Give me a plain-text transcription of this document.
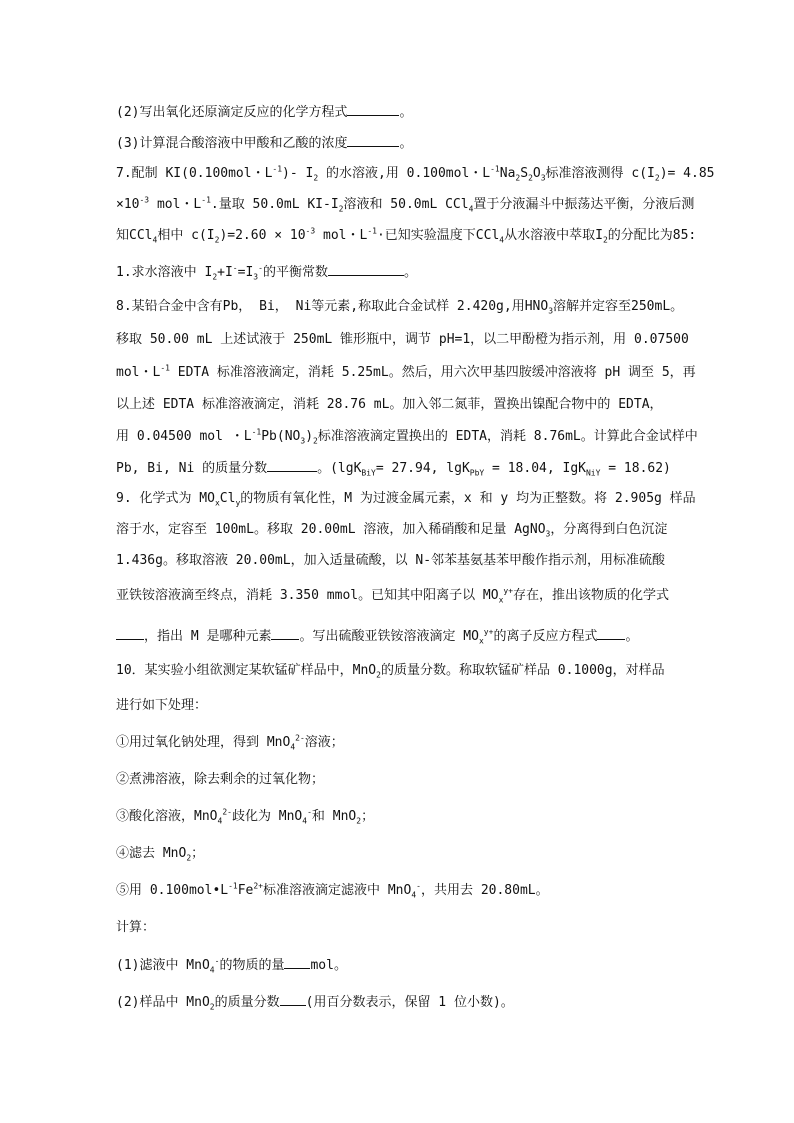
(2)写出氧化还原滴定反应的化学方程式	。
(3)计算混合酸溶液中甲酸和乙酸的浓度	。
7.配制 KI(0.100mol・$L^{-1})-$ $I_2$ 的水溶液,用 0.100mol・$L^{-1}Na_2S_2O_3$标准溶液测得 $c(I_2)= 4.85$
$\times 10^{-3}$ mol・$L^{-1}$.量取 50.0mL $KI-I_2$溶液和 50.0mL CCl$_4$置于分液漏斗中振荡达平衡，分液后测
知CCl$_4$相中 $c(I_2)=2.60 \times 10^{-3}$ mol・$L^{-1}\cdot$已知实验温度下CCl$_4$从水溶液中萃取$I_2$的分配比为85:
1.求水溶液中 $I_2+I^-=I_3^-$的平衡常数	。
8.某铅合金中含有Pb， Bi， Ni等元素,称取此合金试样 2.420g,用$HNO_3$溶解并定容至250mL。
移取 50.00 mL 上述试液于 250mL 锥形瓶中，调节 pH=1，以二甲酚橙为指示剂，用 0.07500
mol・$L^{-1}$ EDTA 标准溶液滴定，消耗 5.25mL。然后，用六次甲基四胺缓冲溶液将 pH 调至 5，再
以上述 EDTA 标准溶液滴定，消耗 28.76 mL。加入邻二氮菲，置换出镍配合物中的 EDTA，
用 0.04500 mol ・$L^{-1}Pb(NO_3)_2$标准溶液滴定置换出的 EDTA，消耗 8.76mL。计算此合金试样中
Pb, Bi, Ni 的质量分数	。(lgK$_{BiY}$= 27.94, lgK$_{PbY}$ = 18.04, IgK$_{NiY}$ = 18.62)
9. 化学式为 $MO_xCl_y$的物质有氧化性，M 为过渡金属元素，x 和 y 均为正整数。将 2.905g 样品
溶于水，定容至 100mL。移取 20.00mL 溶液，加入稀硝酸和足量 AgNO$_3$，分离得到白色沉淀
1.436g。移取溶液 20.00mL，加入适量硫酸，以 N-邻苯基氨基苯甲酸作指示剂，用标准硫酸
亚铁铵溶液滴至终点，消耗 3.350 mmol。已知其中阳离子以 $MO_x^{y+}$存在，推出该物质的化学式
，指出 M 是哪种元素 。写出硫酸亚铁铵溶液滴定 $MO_x^{y+}$的离子反应方程式 。
10．某实验小组欲测定某软锰矿样品中，MnO$_2$的质量分数。称取软锰矿样品 0.1000g，对样品
进行如下处理：
①用过氧化钠处理，得到 MnO$_4^{2-}$溶液；
②煮沸溶液，除去剩余的过氧化物；
③酸化溶液，MnO$_4^{2-}$歧化为 MnO$_4$-和 MnO$_2$；
④滤去 MnO$_2$；
⑤用 $0.100mol•L^{-1}Fe^{2+}$标准溶液滴定滤液中 MnO$_4$-，共用去 20.80mL。
计算：
(1)滤液中 MnO$_4$-的物质的量 mol。
(2)样品中 MnO$_2$的质量分数 (用百分数表示，保留 1 位小数)。
